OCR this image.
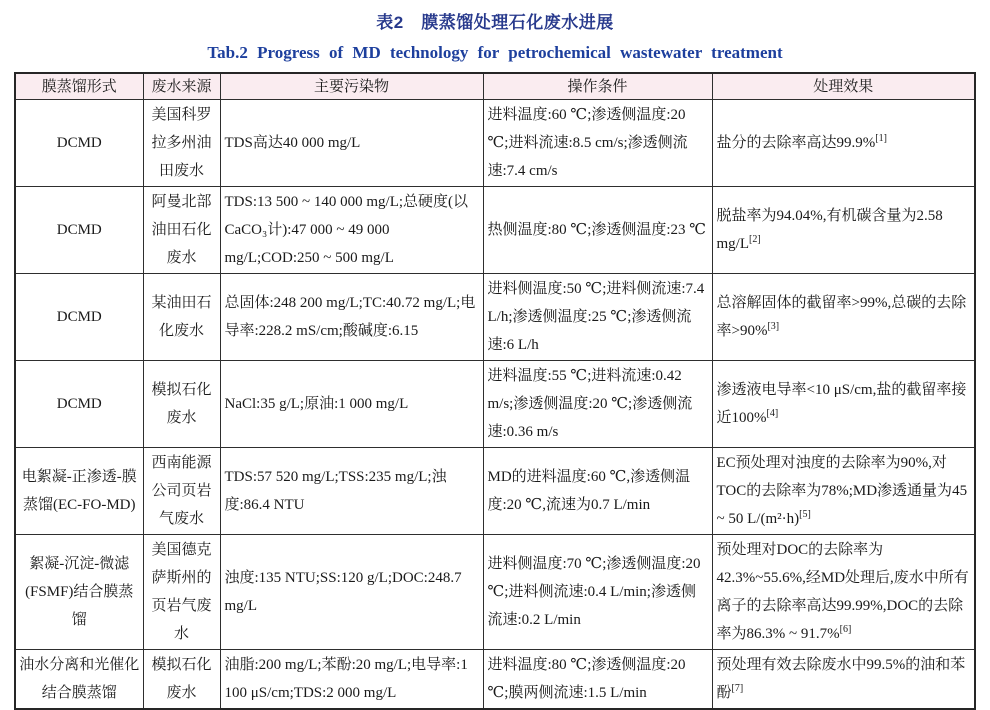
表2　膜蒸馏处理石化废水进展
Tab.2 Progress of MD technology for petrochemical wastewater treatment
膜蒸馏形式	废水来源	主要污染物	操作条件	处理效果
DCMD	美国科罗拉多州油田废水	TDS高达40 000 mg/L	进料温度:60 ℃;渗透侧温度:20 ℃;进料流速:8.5 cm/s;渗透侧流速:7.4 cm/s	盐分的去除率高达99.9%[1]
DCMD	阿曼北部油田石化废水	TDS:13 500 ~ 140 000 mg/L;总硬度(以CaCO₃计):47 000 ~ 49 000 mg/L;COD:250 ~ 500 mg/L	热侧温度:80 ℃;渗透侧温度:23 ℃	脱盐率为94.04%,有机碳含量为2.58 mg/L[2]
DCMD	某油田石化废水	总固体:248 200 mg/L;TC:40.72 mg/L;电导率:228.2 mS/cm;酸碱度:6.15	进料侧温度:50 ℃;进料侧流速:7.4 L/h;渗透侧温度:25 ℃;渗透侧流速:6 L/h	总溶解固体的截留率>99%,总碳的去除率>90%[3]
DCMD	模拟石化废水	NaCl:35 g/L;原油:1 000 mg/L	进料温度:55 ℃;进料流速:0.42 m/s;渗透侧温度:20 ℃;渗透侧流速:0.36 m/s	渗透液电导率<10 μS/cm,盐的截留率接近100%[4]
电絮凝-正渗透-膜蒸馏(EC-FO-MD)	西南能源公司页岩气废水	TDS:57 520 mg/L;TSS:235 mg/L;浊度:86.4 NTU	MD的进料温度:60 ℃,渗透侧温度:20 ℃,流速为0.7 L/min	EC预处理对浊度的去除率为90%,对TOC的去除率为78%;MD渗透通量为45 ~ 50 L/(m²·h)[5]
絮凝-沉淀-微滤(FSMF)结合膜蒸馏	美国德克萨斯州的页岩气废水	浊度:135 NTU;SS:120 g/L;DOC:248.7 mg/L	进料侧温度:70 ℃;渗透侧温度:20 ℃;进料侧流速:0.4 L/min;渗透侧流速:0.2 L/min	预处理对DOC的去除率为42.3%~55.6%,经MD处理后,废水中所有离子的去除率高达99.99%,DOC的去除率为86.3% ~ 91.7%[6]
油水分离和光催化结合膜蒸馏	模拟石化废水	油脂:200 mg/L;苯酚:20 mg/L;电导率:1 100 μS/cm;TDS:2 000 mg/L	进料温度:80 ℃;渗透侧温度:20 ℃;膜两侧流速:1.5 L/min	预处理有效去除废水中99.5%的油和苯酚[7]
